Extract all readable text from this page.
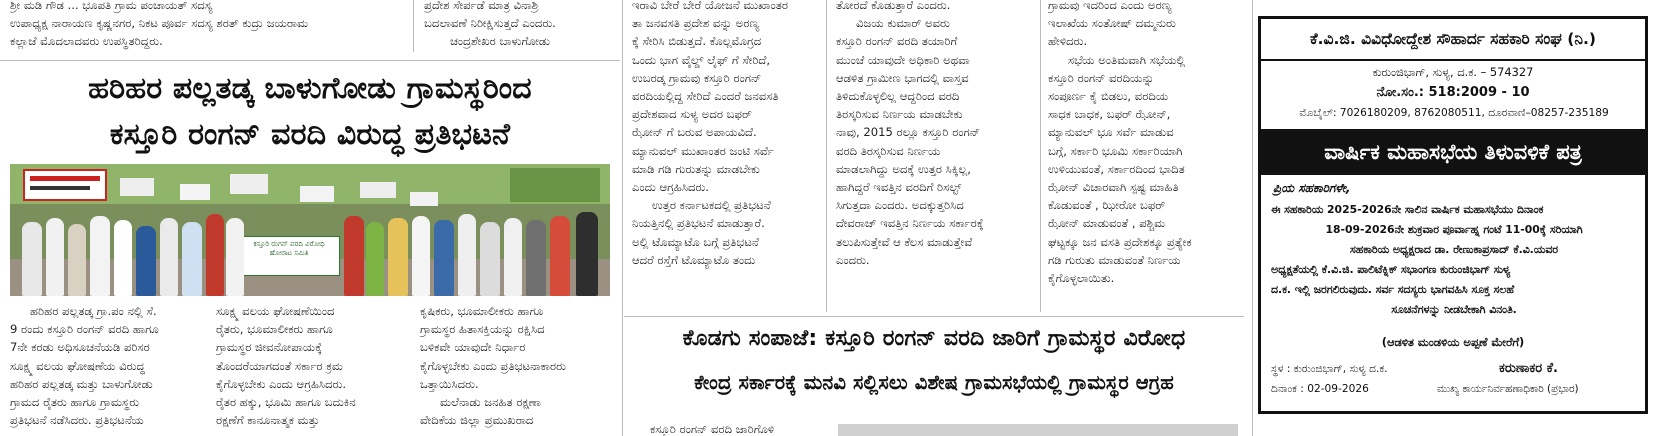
ಶ್ರೀ ಮಡಿ ಗೌಡ ... ಭೂಪತಿ ಗ್ರಾಮ ಪಂಚಾಯತ್ ಸದಸ್ಯ

ಉಪಾಧ್ಯಕ್ಷ ನಾರಾಯಣ ಕೃಷ್ಣನಗರ, ನಿಕಟ ಪೂರ್ವ ಸದಸ್ಯ ಶರತ್ ಕುದ್ರು ಜಯರಾಮ

ಕಲ್ಲಾಜೆ ಮೊದಲಾದವರು ಉಪಸ್ಥಿತರಿದ್ದರು.

ಪ್ರದೇಶ ಸೇರ್ಪಡೆ ಮಾತ್ರ ವಿನಾಶ್ರಿ

ಬದಲಾವಣೆ ನಿರೀಕ್ಷಿಸುತ್ತದೆ ಎಂದರು.

ಚಂದ್ರಶೇಖರ ಬಾಳುಗೋಡು

ಹರಿಹರ ಪಲ್ಲತಡ್ಕ ಬಾಳುಗೋಡು ಗ್ರಾಮಸ್ಥರಿಂದ
ಕಸ್ತೂರಿ ರಂಗನ್ ವರದಿ ವಿರುದ್ಧ ಪ್ರತಿಭಟನೆ
ಕಸ್ತೂರಿ ರಂಗನ್ ವರದಿ ವಿರೋಧಿ ಹೋರಾಟ ಸಮಿತಿ

ಹರಿಹರ ಪಲ್ಲತಡ್ಕ ಗ್ರಾ.ಪಂ ನಲ್ಲಿ ಸೆ.

9 ರಂದು ಕಸ್ತೂರಿ ರಂಗನ್ ವರದಿ ಹಾಗೂ

7ನೇ ಕರಡು ಅಧಿಸೂಚನೆಯಡಿ ಪರಿಸರ

ಸೂಕ್ಷ್ಮ ವಲಯ ಘೋಷಣೆಯ ವಿರುದ್ಧ

ಹರಿಹರ ಪಲ್ಲತಡ್ಕ ಮತ್ತು ಬಾಳುಗೋಡು

ಗ್ರಾಮದ ರೈತರು ಹಾಗೂ ಗ್ರಾಮಸ್ಥರು

ಪ್ರತಿಭಟನೆ ನಡೆಸಿದರು. ಪ್ರತಿಭಟನೆಯ

ಸೂಕ್ಷ್ಮ ವಲಯ ಘೋಷಣೆಯಿಂದ

ರೈತರು, ಭೂಮಾಲೀಕರು ಹಾಗೂ

ಗ್ರಾಮಸ್ಥರ ಜೀವನೋಪಾಯಕ್ಕೆ

ತೊಂದರೆಯಾಗದಂತೆ ಸರ್ಕಾರ ಕ್ರಮ

ಕೈಗೊಳ್ಳಬೇಕು ಎಂದು ಆಗ್ರಹಿಸಿದರು.

ರೈತರ ಹಕ್ಕು, ಭೂಮಿ ಹಾಗೂ ಬದುಕಿನ

ರಕ್ಷಣೆಗೆ ಕಾನೂನಾತ್ಮಕ ಮತ್ತು

ಕೃಷಿಕರು, ಭೂಮಾಲೀಕರು ಹಾಗೂ

ಗ್ರಾಮಸ್ಥರ ಹಿತಾಸಕ್ತಿಯನ್ನು ರಕ್ಷಿಸಿದ

ಬಳಿಕವೇ ಯಾವುದೇ ನಿರ್ಧಾರ

ಕೈಗೊಳ್ಳಬೇಕು ಎಂದು ಪ್ರತಿಭಟನಾಕಾರರು

ಒತ್ತಾಯಿಸಿದರು.

ಮಲೆನಾಡು ಜನಹಿತ ರಕ್ಷಣಾ

ವೇದಿಕೆಯ ಜಿಲ್ಲಾ ಪ್ರಮುಖರಾದ

ಇರಾವಿ ಬೇರೆ ಬೇರೆ ಯೋಜನೆ ಮುಖಾಂತರ

ತಾ ಜನವಸತಿ ಪ್ರದೇಶ ವನ್ನು ಅರಣ್ಯ

ಕ್ಕೆ ಸೇರಿಸಿ ಬಿಡುತ್ತದೆ. ಕೊಲ್ಲಮೊಗ್ರದ

ಒಂದು ಭಾಗ ವೈಲ್ಡ್ ಲೈಫ್ ಗೆ ಸೇರಿದೆ,

ಉಬರಡ್ಕ ಗ್ರಾಮವು ಕಸ್ತೂರಿ ರಂಗನ್

ವರದಿಯಲ್ಲಿದ್ದ ಸೇರಿದೆ ಎಂದರೆ ಜನವಸತಿ

ಪ್ರದೇಶವಾದ ಸುಳ್ಯ ಅದರ ಬಫರ್

ಝೋನ್ ಗೆ ಬರುವ ಅಪಾಯವಿದೆ.

ಮ್ಯಾನುವಲ್ ಮುಖಾಂತರ ಜಂಟಿ ಸರ್ವೆ

ಮಾಡಿ ಗಡಿ ಗುರುತನ್ನು ಮಾಡಬೇಕು

ಎಂದು ಆಗ್ರಹಿಸಿದರು.

ಉತ್ತರ ಕರ್ನಾಟಕದಲ್ಲಿ ಪ್ರತಿಭಟನೆ

ನಿಯತ್ತಿನಲ್ಲಿ ಪ್ರತಿಭಟನೆ ಮಾಡುತ್ತಾರೆ.

ಅಲ್ಲಿ ಟೊಮ್ಯಾಟೊ ಬಗ್ಗೆ ಪ್ರತಿಭಟನೆ

ಆದರೆ ರಸ್ತೆಗೆ ಟೊಮ್ಯಾಟೊ ತಂದು

ತೋರದೆ ಕೊಡುತ್ತಾರೆ ಎಂದರು.

ವಿಜಯ ಕುಮಾರ್ ಅವರು

ಕಸ್ತೂರಿ ರಂಗನ್ ವರದಿ ತಯಾರಿಗೆ

ಮುಂಚೆ ಯಾವುದೇ ಅಧಿಕಾರಿ ಅಥವಾ

ಆಡಳಿತ ಗ್ರಾಮೀಣ ಭಾಗದಲ್ಲಿ ವಾಸ್ತವ

ತಿಳಿದುಕೊಳ್ಳಲಿಲ್ಲ ಆದ್ದರಿಂದ ವರದಿ

ತಿರಸ್ಕರಿಸುವ ನಿರ್ಣಯ ಮಾಡಬೇಕು

ನಾವು, 2015 ರಲ್ಲೂ ಕಸ್ತೂರಿ ರಂಗನ್

ವರದಿ ತಿರಸ್ಕರಿಸುವ ನಿರ್ಣಯ

ಮಾಡಲಾಗಿದ್ದು ಅದಕ್ಕೆ ಉತ್ತರ ಸಿಕ್ಕಿಲ್ಲ,

ಹಾಗಿದ್ದರೆ ಇವತ್ತಿನ ವರದಿಗೆ ರಿಸಲ್ಟ್

ಸಿಗುತ್ತದಾ ಎಂದರು. ಅದಕ್ಕುತ್ತರಿಸಿದ

ದೇವರಾಜ್ ಇವತ್ತಿನ ನಿರ್ಣಯ ಸರ್ಕಾರಕ್ಕೆ

ತಲುಪಿಸುತ್ತೇವೆ ಆ ಕೆಲಸ ಮಾಡುತ್ತೇವೆ

ಎಂದರು.

ಗ್ರಾಮವು ಇದರಿಂದ ಎಂದು ಅರಣ್ಯ

ಇಲಾಖೆಯ ಸಂತೋಷ್ ದಮ್ಮನುರು

ಹೇಳಿದರು.

ಸಭೆಯ ಅಂತಿಮವಾಗಿ ಸಭೆಯಲ್ಲಿ

ಕಸ್ತೂರಿ ರಂಗನ್ ವರದಿಯನ್ನು

ಸಂಪೂರ್ಣ ಕೈ ಬಿಡಲು, ವರದಿಯ

ಸಾಧಕ ಬಾಧಕ, ಬಫರ್ ಝೋನ್,

ಮ್ಯಾನುವಲ್ ಭೂ ಸರ್ವೆ ಮಾಡುವ

ಬಗ್ಗೆ, ಸರ್ಕಾರಿ ಭೂಮಿ ಸರ್ಕಾರಿಯಾಗಿ

ಉಳಿಯುವಂತೆ, ಸರ್ಕಾರದಿಂದ ಭಾದಿತ

ಝೋನ್ ವಿಚಾರವಾಗಿ ಸ್ಪಷ್ಟ ಮಾಹಿತಿ

ಕೊಡುವಂತೆ , ಝೀರೋ ಬಫರ್

ಝೋನ್ ಮಾಡುವಂತೆ , ಪಶ್ಚಿಮ

ಘಟ್ಟಕ್ಕೂ ಜನ ವಸತಿ ಪ್ರದೇಶಕ್ಕೂ ಪ್ರತ್ಯೇಕ

ಗಡಿ ಗುರುತು ಮಾಡುವಂತೆ ನಿರ್ಣಯ

ಕೈಗೊಳ್ಳಲಾಯಿತು.

ಕೊಡಗು ಸಂಪಾಜೆ: ಕಸ್ತೂರಿ ರಂಗನ್ ವರದಿ ಜಾರಿಗೆ ಗ್ರಾಮಸ್ಥರ ವಿರೋಧ
ಕೇಂದ್ರ ಸರ್ಕಾರಕ್ಕೆ ಮನವಿ ಸಲ್ಲಿಸಲು ವಿಶೇಷ ಗ್ರಾಮಸಭೆಯಲ್ಲಿ ಗ್ರಾಮಸ್ಥರ ಆಗ್ರಹ

ಕಸ್ತೂರಿ ರಂಗನ್ ವರದಿ ಜಾರಿಗೊಳಿ

ಕೆ.ವಿ.ಜಿ. ವಿವಿಧೋದ್ದೇಶ ಸೌಹಾರ್ದ ಸಹಕಾರಿ ಸಂಘ (ನಿ.)
ಕುರುಂಜಿಭಾಗ್, ಸುಳ್ಯ, ದ.ಕ. – 574327
ನೋ.ಸಂ.: 518:2009 - 10
ಮೊಬೈಲ್: 7026180209, 8762080511, ದೂರವಾಣಿ–08257-235189
ವಾರ್ಷಿಕ ಮಹಾಸಭೆಯ ತಿಳುವಳಿಕೆ ಪತ್ರ
ಪ್ರಿಯ ಸಹಕಾರಿಗಳೇ,
ಈ ಸಹಕಾರಿಯ 2025-2026ನೇ ಸಾಲಿನ ವಾರ್ಷಿಕ ಮಹಾಸಭೆಯು ದಿನಾಂಕ
18-09-2026ನೇ ಶುಕ್ರವಾರ ಪೂರ್ವಾಹ್ನ ಗಂಟೆ 11-00ಕ್ಕೆ ಸರಿಯಾಗಿ
ಸಹಕಾರಿಯ ಅಧ್ಯಕ್ಷರಾದ ಡಾ. ರೇಣುಕಾಪ್ರಸಾದ್ ಕೆ.ವಿ.ಯವರ
ಅಧ್ಯಕ್ಷತೆಯಲ್ಲಿ ಕೆ.ವಿ.ಜಿ. ಪಾಲಿಟೆಕ್ನಿಕ್ ಸಭಾಂಗಣ ಕುರುಂಜಿಭಾಗ್ ಸುಳ್ಯ
ದ.ಕ. ಇಲ್ಲಿ ಜರಗಲಿರುವುದು. ಸರ್ವ ಸದಸ್ಯರು ಭಾಗವಹಿಸಿ ಸೂಕ್ತ ಸಲಹೆ
ಸೂಚನೆಗಳನ್ನು ನೀಡಬೇಕಾಗಿ ವಿನಂತಿ.
(ಆಡಳಿತ ಮಂಡಳಿಯ ಅಪ್ಪಣೆ ಮೇರೆಗೆ)
ಸ್ಥಳ : ಕುರುಂಜಿಭಾಗ್, ಸುಳ್ಯ ದ.ಕ.
ದಿನಾಂಕ : 02-09-2026
ಕರುಣಾಕರ ಕೆ.
ಮುಖ್ಯ ಕಾರ್ಯನಿರ್ವಹಣಾಧಿಕಾರಿ (ಪ್ರಭಾರ)
